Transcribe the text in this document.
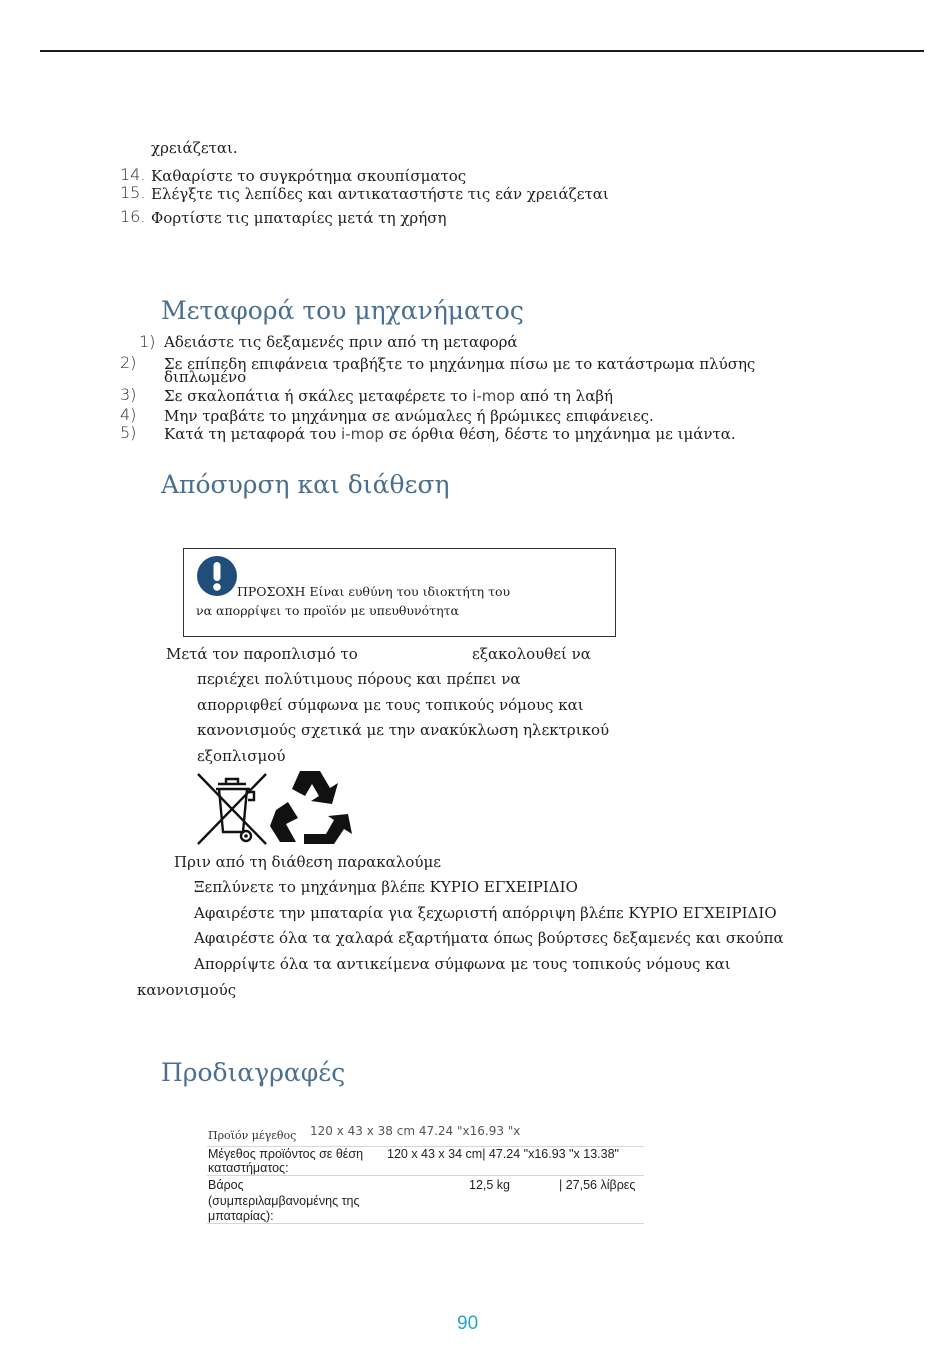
χρειάζεται.
14. Καθαρίστε το συγκρότημα σκουπίσματος
15. Ελέγξτε τις λεπίδες και αντικαταστήστε τις εάν χρειάζεται
16. Φορτίστε τις μπαταρίες μετά τη χρήση
Μεταφορά του μηχανήματος
1) Αδειάστε τις δεξαμενές πριν από τη μεταφορά
2) Σε επίπεδη επιφάνεια τραβήξτε το μηχάνημα πίσω με το κατάστρωμα πλύσης
διπλωμένο
3) Σε σκαλοπάτια ή σκάλες μεταφέρετε το i-mop από τη λαβή
4) Μην τραβάτε το μηχάνημα σε ανώμαλες ή βρώμικες επιφάνειες.
5) Κατά τη μεταφορά του i-mop σε όρθια θέση, δέστε το μηχάνημα με ιμάντα.
Απόσυρση και διάθεση
ΠΡΟΣΟΧΗ Είναι ευθύνη του ιδιοκτήτη του
να απορρίψει το προϊόν με υπευθυνότητα
Μετά τον παροπλισμό το	εξακολουθεί να
περιέχει πολύτιμους πόρους και πρέπει να
απορριφθεί σύμφωνα με τους τοπικούς νόμους και
κανονισμούς σχετικά με την ανακύκλωση ηλεκτρικού
εξοπλισμού
Πριν από τη διάθεση παρακαλούμε
Ξεπλύνετε το μηχάνημα βλέπε ΚΥΡΙΟ ΕΓΧΕΙΡΙΔΙΟ
Αφαιρέστε την μπαταρία για ξεχωριστή απόρριψη βλέπε ΚΥΡΙΟ ΕΓΧΕΙΡΙΔΙΟ
Αφαιρέστε όλα τα χαλαρά εξαρτήματα όπως βούρτσες δεξαμενές και σκούπα
Απορρίψτε όλα τα αντικείμενα σύμφωνα με τους τοπικούς νόμους και
κανονισμούς
Προδιαγραφές
Προϊόν μέγεθος 120 x 43 x 38 cm 47.24 "x16.93 "x
Μέγεθος προϊόντος σε θέση
καταστήματος:
120 x 43 x 34 cm| 47.24 "x16.93 "x 13.38"
Βάρος
(συμπεριλαμβανομένης της
μπαταρίας):
12,5 kg	| 27,56 λίβρες
90
